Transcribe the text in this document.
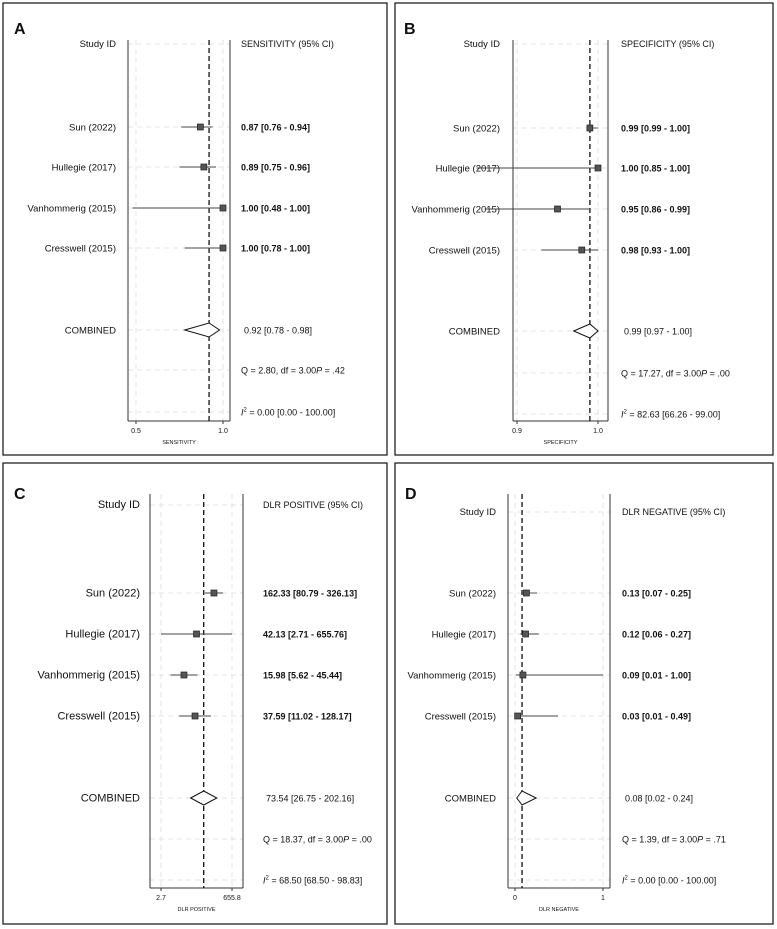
A
0.5	1.0
SENSITIVITY
Study ID	SENSITIVITY (95% CI)
Sun (2022)	0.87 [0.76 - 0.94]
Hullegie (2017)	0.89 [0.75 - 0.96]
Vanhommerig (2015)	1.00 [0.48 - 1.00]
Cresswell (2015)	1.00 [0.78 - 1.00]
COMBINED	0.92 [0.78 - 0.98]
Q = 2.80, df = 3.00P = .42
$I^2 = 0.00$ [0.00 - 100.00]
B
0.9	1.0
SPECIFICITY
Study ID	SPECIFICITY (95% CI)
Sun (2022)	0.99 [0.99 - 1.00]
Hullegie (2017)	1.00 [0.85 - 1.00]
Vanhommerig (2015)	0.95 [0.86 - 0.99]
Cresswell (2015)	0.98 [0.93 - 1.00]
COMBINED	0.99 [0.97 - 1.00]
Q = 17.27, df = 3.00P = .00
$I^2 = 82.63$ [66.26 - 99.00]
C
2.7	655.8
DLR POSITIVE
Study ID	DLR POSITIVE (95% CI)
Sun (2022)	162.33 [80.79 - 326.13]
Hullegie (2017)	42.13 [2.71 - 655.76]
Vanhommerig (2015)	15.98 [5.62 - 45.44]
Cresswell (2015)	37.59 [11.02 - 128.17]
COMBINED	73.54 [26.75 - 202.16]
Q = 18.37, df = 3.00P = .00
$I^2 = 68.50$ [68.50 - 98.83]
D
0	1
DLR NEGATIVE
Study ID	DLR NEGATIVE (95% CI)
Sun (2022)	0.13 [0.07 - 0.25]
Hullegie (2017)	0.12 [0.06 - 0.27]
Vanhommerig (2015)	0.09 [0.01 - 1.00]
Cresswell (2015)	0.03 [0.01 - 0.49]
COMBINED	0.08 [0.02 - 0.24]
Q = 1.39, df = 3.00P = .71
$I^2 = 0.00$ [0.00 - 100.00]
